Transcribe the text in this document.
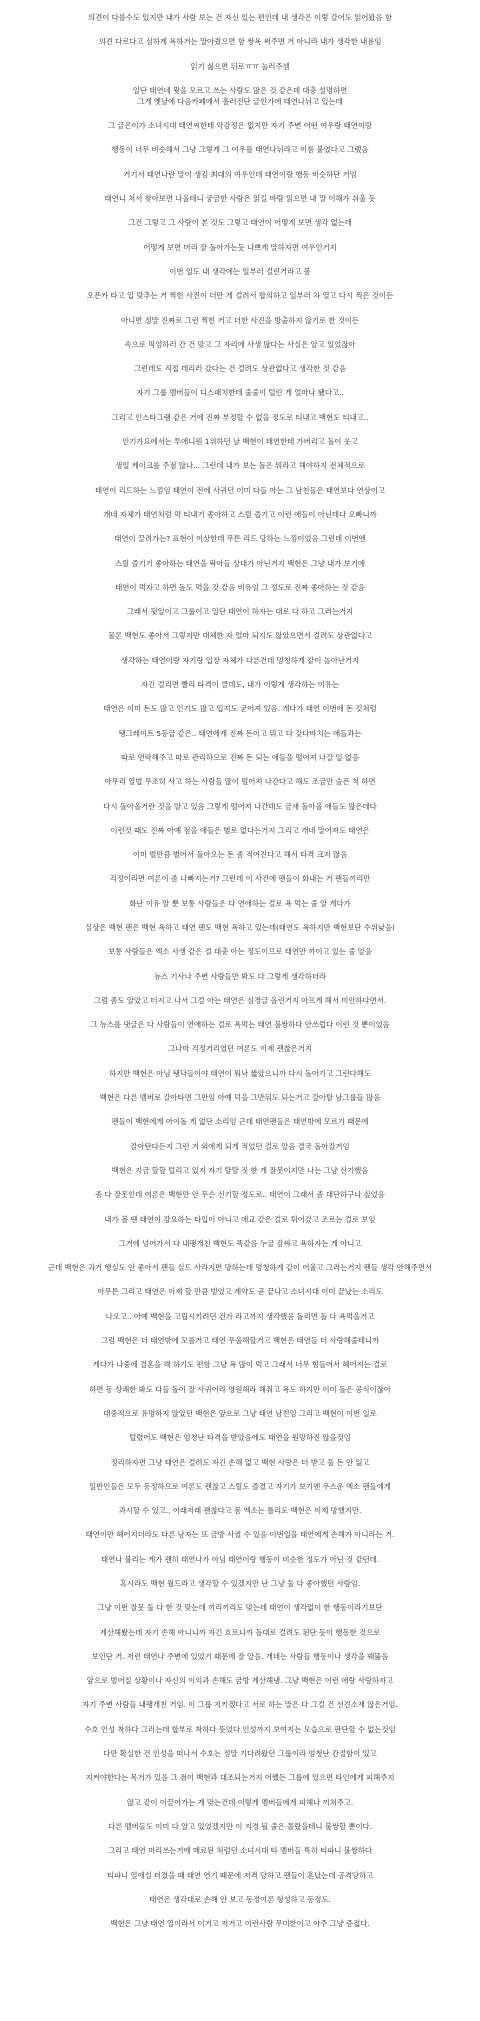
의견이 다를수도 있지만 내가 사람 보는 건 자신 있는 편인데 내 생각은 이렇 갈어도 읽어왔음 함
의견 다르다고 심하게 욕하거는 말아줬으면 함 쌍욕 써주면 거 아니라 내가 생각한 내용임
읽기 싫으면 뒤로ㅠㅠ 눌러주셈
일단 태연네 뭣을 모르고 쓰는 사람도 많은 것 같은데 대충 설명하면
그게 옛날에 다음카페에서 흘러진단 글인가에 태연나뉘고 있는데
그 글은이가 소녀시대 태연씨한테 악감정은 없지만 자기 주변 어떤 여우랑 태연이랑
행동이 너무 비슷해서 그냥 그렇게 그 여우를 태연나뉘라고 이름 붙였다고 그랬음
거기서 태연나란 말이 생김 최대의 여우인데 태연이랑 행동 비슷하단 거임
태연니 쳐서 찾아보면 나올테니 궁금한 사람은 읽길 바람 읽으면 내 말 이해가 쉬울 듯
그건 그렇고 그 사람이 본 것도 그렇고 태연이 어떻게 보면 생각 없는데
어떻게 보면 머리 잘 돌아가는듯 나쁘게 말하자면 여우인거지
이번 일도 내 생각에는 일부러 걸린거라고 봄
오픈카 타고 입 맞추는 거 찍힌 사진이 더만 게 걸려서 합의하고 일부러 차 열고 다시 찍은 것이든
아니면 정말 진짜로 그런 찍힌 거고 더한 사진을 방출하지 않기로 한 것이든
속으로 띡엄하러 간 건 맞고 그 자리에 사생 많다는 사실은 알고 있었잖아
그런데도 직접 데리러 갔다는 건 걸려도 상관없다고 생각한 것 같음
자기 그룹 멤버들이 디스패치한테 줄줄이 털린 게 얼마나 됐다고..
그리고 인스타그램 같은 거에 진짜 부정할 수 없을 정도로 티내고 백현도 티내고..
인기가요에서는 투애니원 1위하던 날 백현이 태연한테 가버리고 돌이 웃고
생일 케이크를 주점 않나... 그런데 내가 보는 돌은 뭐라고 해야하지 전체적으로
태연이 리드하는 느낌임 태연이 전에 사귀던 이미 다들 아는 그 남친들은 태연보다 연상이고
개네 자체가 태연처럼 막 티내기 좋아하고 스릴 즐기고 이런 애들이 아닌데다 오빠니까
태연이 끌려가는? 표현이 이상한데 무튼 리드 당하는 느낌이었음 그런데 이번엔
스릴 즐기기 좋아하는 태연을 딱아들 상대가 아닌거지 백현은 그냥 내가 보기에
태연이 먹자고 하면 돌도 먹을 것 같음 비유임 그 정도로 진짜 좋아하는 것 같음
그래서 뒷일이고 그룹이고 일단 태연이 하자는 대로 다 하고 그러는거지
물론 백현도 좋아서 그렇지만 대체한 자 얼마 되지도 않았으면서 걸려도 상관없다고
생각하는 태연이랑 자기랑 입장 자체가 다른건데 멍청하게 같이 놀아난거지
자긴 걸리면 빨리 타격이 클데도, 내가 이렇게 생각하는 이유는
태연은 이미 돈도 많고 인기도 많고 입지도 굳어져 있음. 게다가 태연 이번에 돈 깃쳐럼
탱그레이트 5등급 같은.. 태연에게 진짜 돈이고 뭐고 다 갖다바치는 애들과는
따로 연락해주고 따로 관리하므로 진짜 돈 되는 애들을 떨어져 나갈 일 없음
아무리 열법 무조히 사고 하는 사람들 많이 떨어져 나간다고 해도 조금만 슬픈 척 하면
다시 돌아올거란 것을 알고 있음 그렇게 떨어져 나간대도 금새 돌아올 애들도 많은데다
이런것 때도 진짜 아예 점을 애들은 별로 없다는거지 그리고 개네 말어져도 태연은
이미 벌만큼 벌어서 돌아오는 돈 좀 적어진다고 해서 타격 크지 않음
걱정이라면 여론이 좀 나빠지는거? 그런데 이 사건에 팬들이 화내는 거 팬들끼리만
화난 이유 알 뿐 보통 사람들은 다 연애하는 걸로 욕 먹는 줄 알 게다가
실상은 백현 팬은 백현 욕하고 태연 팬도 백현 욕하고 있는데(태연도 욕하지만 백현보단 수위낮음)
보통 사람들은 엑소 사생 같은 걸 대충 아는 정도이므로 태연만 까이고 있는 줄 알음
뉴스 기사나 주변 사람들만 봐도 다 그렇게 생각하더라
그럼 좀도 알았고 터지고 나서 그걸 아는 태연은 심경글 올린거지 아프게 해서 미안하다면서.
그 뉴스를 댓글은 다 사람들이 연애하는 걸로 욕먹는 태연 불쌍하다 안쓰럽다 이런 것 뿐이었음
그나마 걱정거리였던 여론도 이제 괜찮은거지
하지만 백현은 아님 탱닥들이야 태연이 워낙 짧았으니까 다시 돌아가고 그런다해도
백현은 다른 멤버로 갈아타면 그만임 아예 덕을 그만둬도 되는거고 갈아탈 남그룹들 많음
팬들이 백현에게 아이돌 게 없단 소리임 근데 태연팬들은 태연밖에 모르기 때문에
갈아탄다든지 그런 거 외에게 되게 적었던 걸로 알음 결국 돌아갈거임
백현은 지금 할할 털리고 있지 자기 탈탈 짓 한 게 잘못이지만 나는 그냥 신기했음
좀 다 잘못인데 여론은 백현만 안 무슨 신기할 정도로.. 태연이 그래서 좀 대단하구나 싶었음
내가 볼 땐 태연이 강요하는 타입이 아니고 애교 같은 걸로 튀어갔고 조르는 걸로 보임
그거에 넘어가서 다 내팽개친 백현도 똑같음 누굴 감싸고 욕하자는 게 아니고
근데 백현은 과거 행실도 안 좋아서 팬들 실드 사라지면 망하는데 멍청하게 같이 어울고 그러는거지 팬들 생각 안해주면서
아무튼 그리고 태연은 이제 할 만큼 벌었고 계약도 곧 끝나고 소녀시대 이미 끝났는 소리도
나오고.. 아예 백현을 고립시키려던 건가 라고까지 생각했음 돌리면 돌 다 욕먹을거고
그럼 백현은 더 태연밖에 모를거고 태연 우울해할거고 백현은 태연들 더 사랑해줄테니까
게다가 나중에 결혼을 해 하기도 편함 그냥 욕 많이 먹고 그래서 너무 힘들어서 헤어지는 걸로
하면 동 상쾌한 봐도 다들 돌이 잘 사귀어라 영원해라 해줘고 욕도 하지만 이미 돌은 공식이잖아
대중적으로 유명하지 않았던 백현은 앞으로 그냥 태연 남친임 그리고 백현이 이번 일로
털렸어도 백현은 엄청난 타격을 받았음에도 태연을 원망하진 않을것임
정리하자면 그냥 태연은 걸려도 자긴 손해 없고 백현 사랑은 더 받고 둘 돈 안 잃고
일반인들은 모두 동정하므로 여론도 괜찮고 스릴도 즐겼고 자기가 보기엔 우스운 엑소 팬들에게
과시할 수 있고.. 이래저래 괜찮다고 봄 엑소는 틀리도 백현은 이제 망했지만.
태연이만 헤어지더라도 다른 남자는 또 금방 사귈 수 있음 이번일을 태연에게 손해가 아니라는 거.
태연나 불리는 게가 괜히 태연나가 아님 태연이랑 행동이 비슷한 정도가 아닌 것 같던데.
혹시라도 백현 월드라고 생각할 수 있겠지만 난 그냥 둘 다 좋아했던 사람임.
그냥 이번 잘못 둘 다 한 것 맞는데 끼리끼리도 맞는데 태연이 생각없이 한 행동이라기보단
계산해봤는데 자기 손해 아니니까 자긴 흐르니까 돌대로 걸려도 된단 듯이 행동한 것으로
보인단 거. 저런 태연나 주변에 있었기 때문에 잘 알음. 개네는 사람들 행동이나 생각을 꿰뚫음
앞으로 벌어질 상황이나 자신의 이익과 손해도 금방 계산해냄. 그냥 백현은 이런 애랑 사랑하자고
자기 주변 사람들 내팽개친 거임. 이 그룹 지키겠다고 서로 하는 말은 다 그걸 건 선견소재 않은거임.
수호 인성 착하다 그러는데 합부로 착하다 뜻었다 인성까지 보여지는 모습으로 판단할 수 없는것임
다만 확실한 건 인성을 떠나서 수호는 정말 기다려왔던 그룹이라 엄청난 간절함이 있고
지켜야한다는 목거가 있음 그 점이 백현과 대조되는거지 어쨌든 그룹에 있으면 타인에게 피해주지
않고 같이 이끌어가는 게 맞는건데 이렇게 멤버들에게 피해나 끼쳐주고.
다른 멤버들도 이미 다 알고 있었겠지만 이 지경 될 줄은 몰랐을테니 불쌍할 뿐이다.
그리고 태연 머리쓰는거에 매료된 처럼던 소녀시대 타 멤버들 특히 티파니 불쌍하다
티파니 열애설 터졌을 때 태연 연기 때문에 저격 당하고 팬들이 혼났는데 공격당하고
태연은 생각대로 손해 안 보고 동정여론 형성하고 동정도.
백현은 그냥 태연 열이라서 이거고 저거고 이런사람 무미한이고 아주 그냥 증접다.
